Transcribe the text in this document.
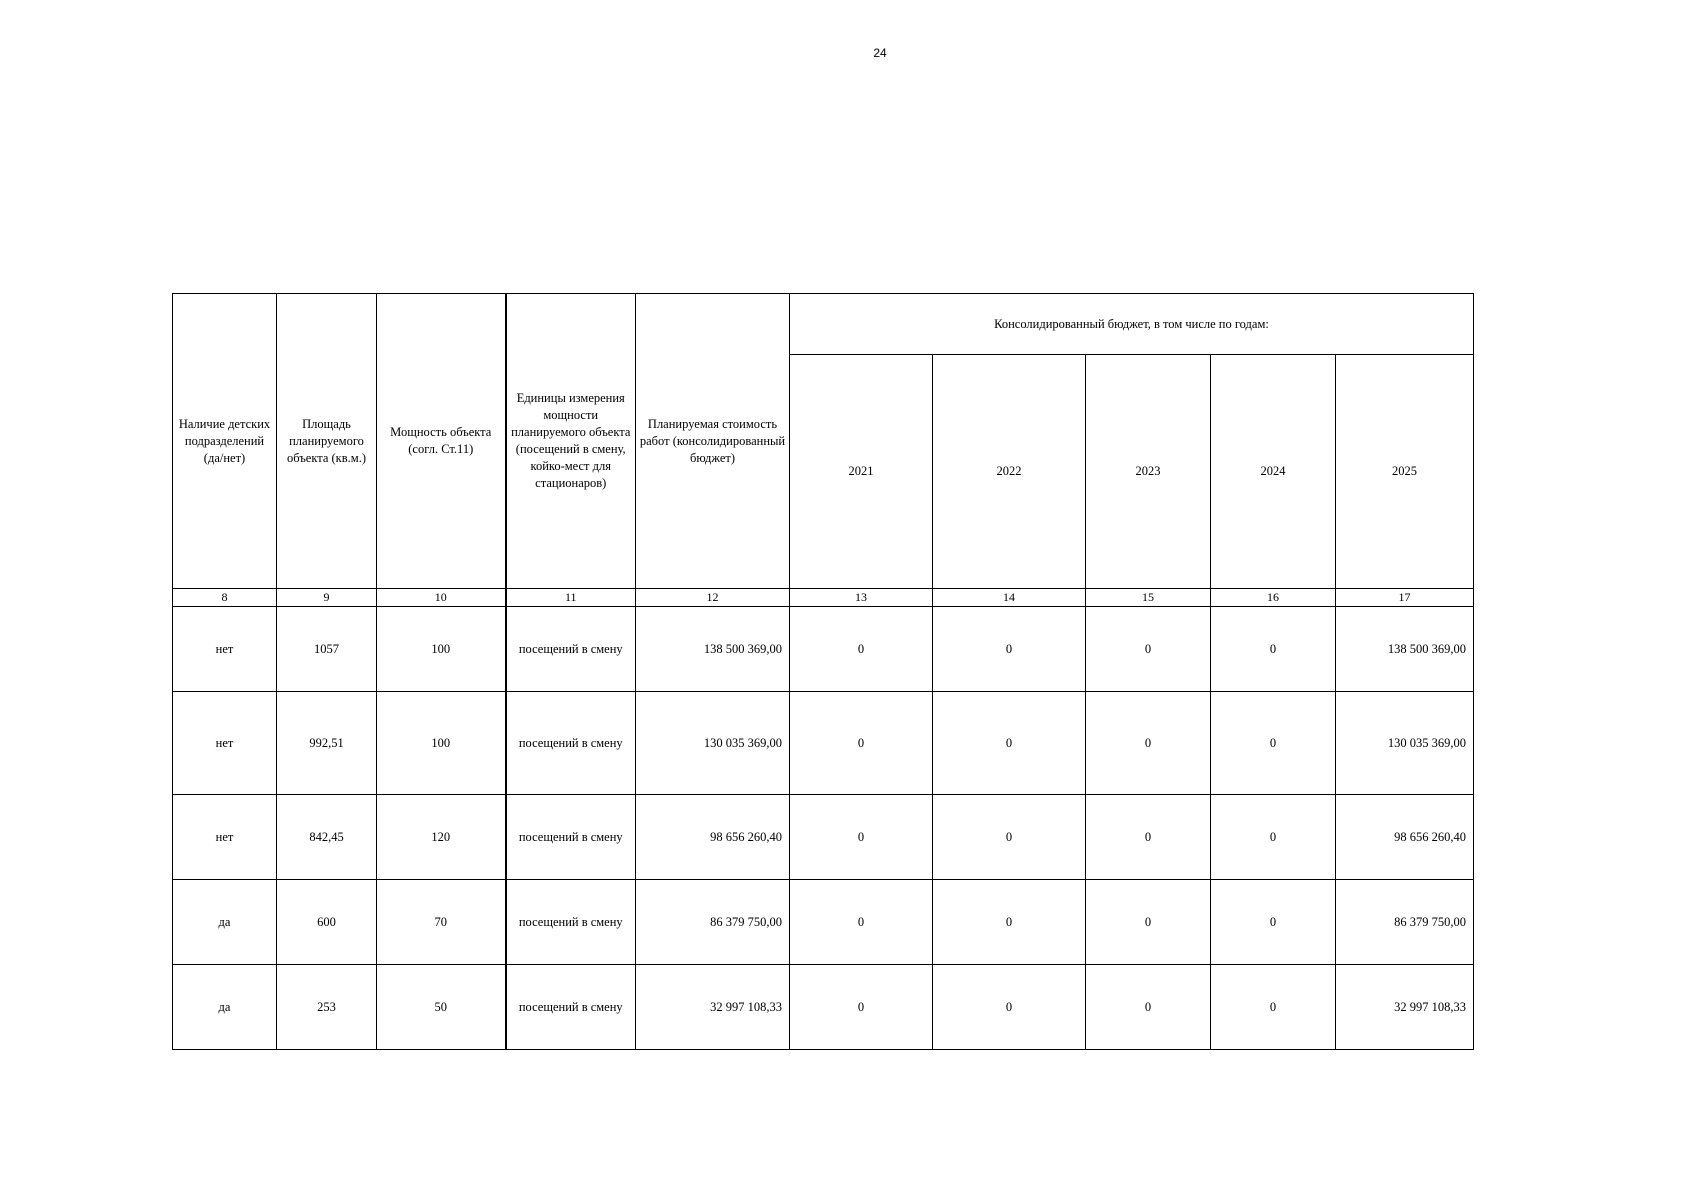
24
Наличие детских подразделений (да/нет)	Площадь планируемого объекта (кв.м.)	Мощность объекта (согл. Ст.11)	Единицы измерения мощности планируемого объекта (посещений в смену, койко-мест для стационаров)	Планируемая стоимость работ (консолидированный бюджет)	Консолидированный бюджет, в том числе по годам:				
					2021	2022	2023	2024	2025
8	9	10	11	12	13	14	15	16	17
нет	1057	100	посещений в смену	138 500 369,00	0	0	0	0	138 500 369,00
нет	992,51	100	посещений в смену	130 035 369,00	0	0	0	0	130 035 369,00
нет	842,45	120	посещений в смену	98 656 260,40	0	0	0	0	98 656 260,40
да	600	70	посещений в смену	86 379 750,00	0	0	0	0	86 379 750,00
да	253	50	посещений в смену	32 997 108,33	0	0	0	0	32 997 108,33
